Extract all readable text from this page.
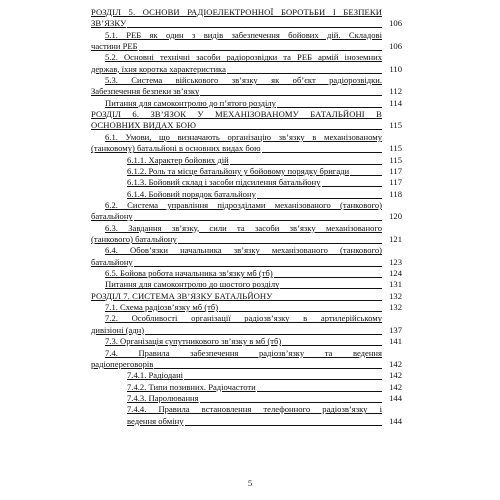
РОЗДІЛ 5. ОСНОВИ РАДІОЕЛЕКТРОННОЇ БОРОТЬБИ І БЕЗПЕКИ
ЗВ’ЯЗКУ	106
5.1. РЕБ як один з видів забезпечення бойових дій. Складові
частини РЕБ	106
5.2. Основні технічні засоби радіорозвідки та РЕБ армій іноземних
держав, їхня коротка характеристика	110
5.3. Система військового зв’язку як об’єкт радіорозвідки.
Забезпечення безпеки зв’язку	112
Питання для самоконтролю до п’ятого розділу	114
РОЗДІЛ 6. ЗВ’ЯЗОК У МЕХАНІЗОВАНОМУ БАТАЛЬЙОНІ В
ОСНОВНИХ ВИДАХ БОЮ	115
6.1. Умови, що визначають організацію зв’язку в механізованому
(танковому) батальйоні в основних видах бою	115
6.1.1. Характер бойових дій	115
6.1.2. Роль та місце батальйону у бойовому порядку бригади	117
6.1.3. Бойовий склад і засоби підсилення батальйону	117
6.1.4. Бойовий порядок батальйону	118
6.2. Система управління підрозділами механізованого (танкового)
батальйону	120
6.3. Завдання зв’язку, сили та засоби зв’язку механізованого
(танкового) батальйону	121
6.4. Обов’язки начальника зв’язку механізованого (танкового)
батальйону	123
6.5. Бойова робота начальника зв’язку мб (тб)	124
Питання для самоконтролю до шостого розділу	131
РОЗДІЛ 7. СИСТЕМА ЗВ’ЯЗКУ БАТАЛЬЙОНУ	132
7.1. Схема радіозв’язку мб (тб)	132
7.2. Особливості організації радіозв’язку в артилерійському
дивізіоні (адн)	137
7.3. Організація супутникового зв’язку в мб (тб)	141
7.4. Правила забезпечення радіозв’язку та ведення
радіопереговорів	142
7.4.1. Радіодані	142
7.4.2. Типи позивних. Радіочастоти	142
7.4.3. Паролювання	144
7.4.4. Правила встановлення телефонного радіозв’язку і
ведення обміну	144
5
